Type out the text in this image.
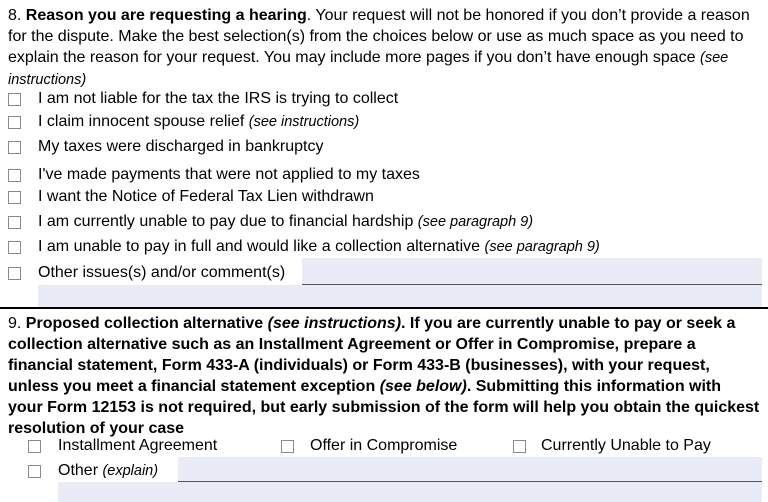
8. Reason you are requesting a hearing. Your request will not be honored if you don’t provide a reason for the dispute. Make the best selection(s) from the choices below or use as much space as you need to explain the reason for your request. You may include more pages if you don’t have enough space (see instructions)
I am not liable for the tax the IRS is trying to collect
I claim innocent spouse relief (see instructions)
My taxes were discharged in bankruptcy
I've made payments that were not applied to my taxes
I want the Notice of Federal Tax Lien withdrawn
I am currently unable to pay due to financial hardship (see paragraph 9)
I am unable to pay in full and would like a collection alternative (see paragraph 9)
Other issues(s) and/or comment(s)
9. Proposed collection alternative (see instructions). If you are currently unable to pay or seek a collection alternative such as an Installment Agreement or Offer in Compromise, prepare a financial statement, Form 433-A (individuals) or Form 433-B (businesses), with your request, unless you meet a financial statement exception (see below). Submitting this information with your Form 12153 is not required, but early submission of the form will help you obtain the quickest resolution of your case
Installment Agreement	Offer in Compromise	Currently Unable to Pay
Other (explain)
